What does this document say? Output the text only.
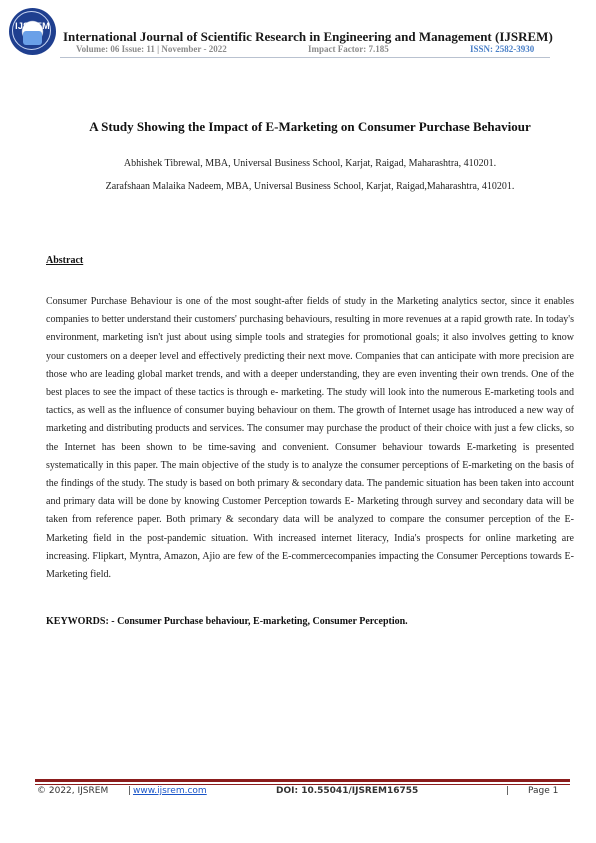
IJSREM
International Journal of Scientific Research in Engineering and Management (IJSREM)
Volume: 06 Issue: 11 | November - 2022	Impact Factor: 7.185	ISSN: 2582-3930
A Study Showing the Impact of E-Marketing on Consumer Purchase Behaviour
Abhishek Tibrewal, MBA, Universal Business School, Karjat, Raigad, Maharashtra, 410201.
Zarafshaan Malaika Nadeem, MBA, Universal Business School, Karjat, Raigad,Maharashtra, 410201.
Abstract

Consumer Purchase Behaviour is one of the most sought-after fields of study in the Marketing analytics sector, since it enables companies to better understand their customers' purchasing behaviours, resulting in more revenues at a rapid growth rate. In today's environment, marketing isn't just about using simple tools and strategies for promotional goals; it also involves getting to know your customers on a deeper level and effectively predicting their next move. Companies that can anticipate with more precision are those who are leading global market trends, and with a deeper understanding, they are even inventing their own trends. One of the best places to see the impact of these tactics is through e- marketing. The study will look into the numerous E-marketing tools and tactics, as well as the influence of consumer buying behaviour on them. The growth of Internet usage has introduced a new way of marketing and distributing products and services. The consumer may purchase the product of their choice with just a few clicks, so the Internet has been shown to be time-saving and convenient. Consumer behaviour towards E-marketing is presented systematically in this paper. The main objective of the study is to analyze the consumer perceptions of E-marketing on the basis of the findings of the study. The study is based on both primary & secondary data. The pandemic situation has been taken into account and primary data will be done by knowing Customer Perception towards E- Marketing through survey and secondary data will be taken from reference paper. Both primary & secondary data will be analyzed to compare the consumer perception of the E-Marketing field in the post-pandemic situation. With increased internet literacy, India's prospects for online marketing are increasing. Flipkart, Myntra, Amazon, Ajio are few of the E-commercecompanies impacting the Consumer Perceptions towards E-Marketing field.

KEYWORDS: - Consumer Purchase behaviour, E-marketing, Consumer Perception.
© 2022, IJSREM | www.ijsrem.com	DOI: 10.55041/IJSREM16755	| Page 1
